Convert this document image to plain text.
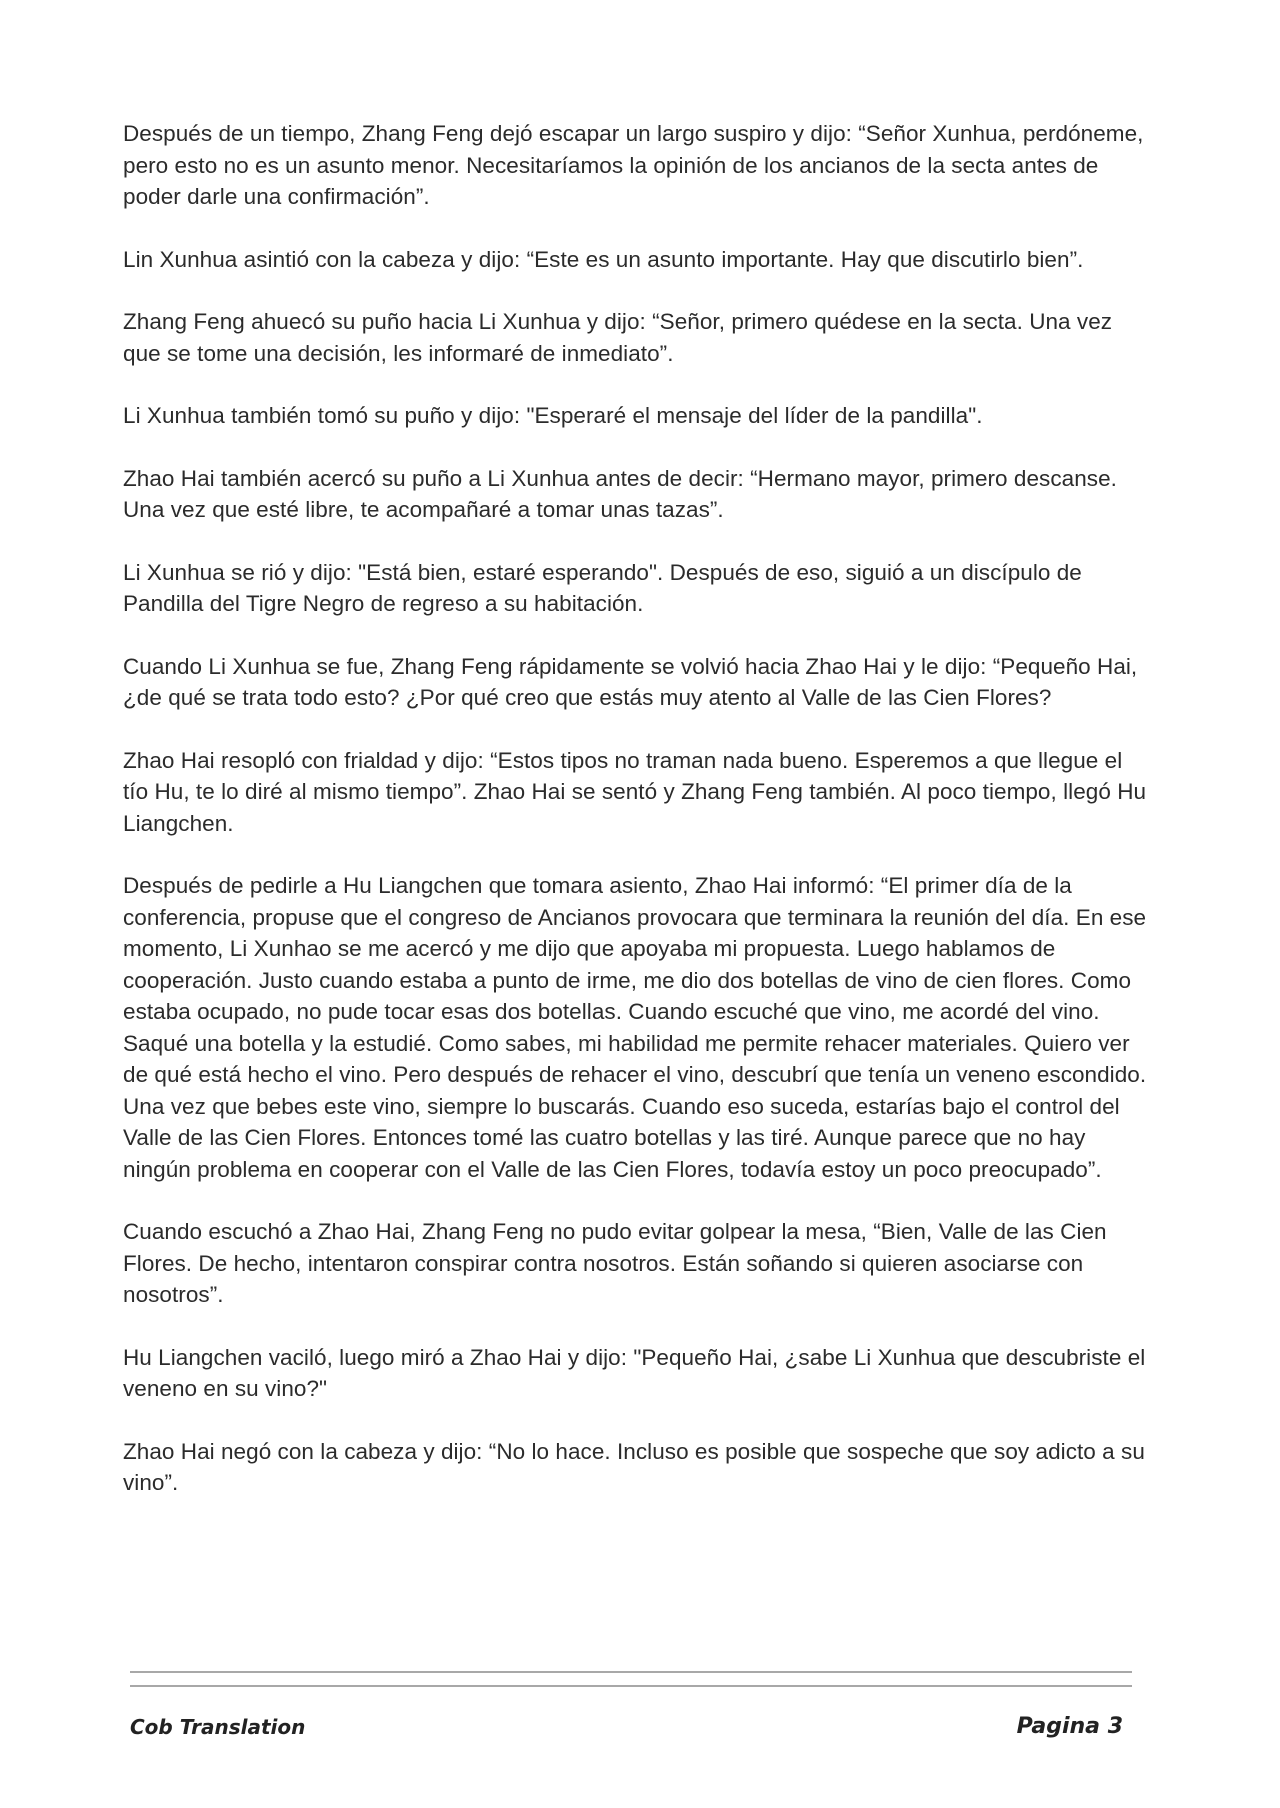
Después de un tiempo, Zhang Feng dejó escapar un largo suspiro y dijo: “Señor Xunhua, perdóneme, pero esto no es un asunto menor. Necesitaríamos la opinión de los ancianos de la secta antes de poder darle una confirmación”.

Lin Xunhua asintió con la cabeza y dijo: “Este es un asunto importante. Hay que discutirlo bien”.

Zhang Feng ahuecó su puño hacia Li Xunhua y dijo: “Señor, primero quédese en la secta. Una vez que se tome una decisión, les informaré de inmediato”.

Li Xunhua también tomó su puño y dijo: "Esperaré el mensaje del líder de la pandilla".

Zhao Hai también acercó su puño a Li Xunhua antes de decir: “Hermano mayor, primero descanse. Una vez que esté libre, te acompañaré a tomar unas tazas”.

Li Xunhua se rió y dijo: "Está bien, estaré esperando". Después de eso, siguió a un discípulo de Pandilla del Tigre Negro de regreso a su habitación.

Cuando Li Xunhua se fue, Zhang Feng rápidamente se volvió hacia Zhao Hai y le dijo: “Pequeño Hai, ¿de qué se trata todo esto? ¿Por qué creo que estás muy atento al Valle de las Cien Flores?

Zhao Hai resopló con frialdad y dijo: “Estos tipos no traman nada bueno. Esperemos a que llegue el tío Hu, te lo diré al mismo tiempo”. Zhao Hai se sentó y Zhang Feng también. Al poco tiempo, llegó Hu Liangchen.

Después de pedirle a Hu Liangchen que tomara asiento, Zhao Hai informó: “El primer día de la conferencia, propuse que el congreso de Ancianos provocara que terminara la reunión del día. En ese momento, Li Xunhao se me acercó y me dijo que apoyaba mi propuesta. Luego hablamos de cooperación. Justo cuando estaba a punto de irme, me dio dos botellas de vino de cien flores. Como estaba ocupado, no pude tocar esas dos botellas. Cuando escuché que vino, me acordé del vino. Saqué una botella y la estudié. Como sabes, mi habilidad me permite rehacer materiales. Quiero ver de qué está hecho el vino. Pero después de rehacer el vino, descubrí que tenía un veneno escondido. Una vez que bebes este vino, siempre lo buscarás. Cuando eso suceda, estarías bajo el control del Valle de las Cien Flores. Entonces tomé las cuatro botellas y las tiré. Aunque parece que no hay ningún problema en cooperar con el Valle de las Cien Flores, todavía estoy un poco preocupado”.

Cuando escuchó a Zhao Hai, Zhang Feng no pudo evitar golpear la mesa, “Bien, Valle de las Cien Flores. De hecho, intentaron conspirar contra nosotros. Están soñando si quieren asociarse con nosotros”.

Hu Liangchen vaciló, luego miró a Zhao Hai y dijo: "Pequeño Hai, ¿sabe Li Xunhua que descubriste el veneno en su vino?"

Zhao Hai negó con la cabeza y dijo: “No lo hace. Incluso es posible que sospeche que soy adicto a su vino”.

Cob Translation	Pagina 3
